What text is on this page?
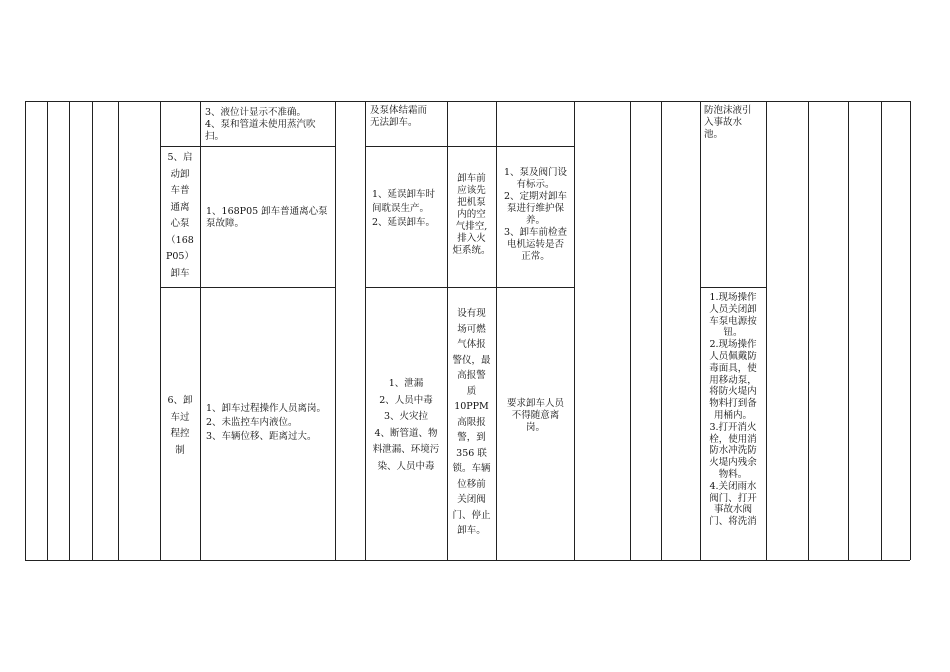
3、液位计显示不准确。
4、泵和管道未使用蒸汽吹扫。
及泵体结霜而
无法卸车。
防泡沫液引
入事故水
池。
5、启
动卸
车普
通离
心泵
（168
P05）
卸车
1、168P05 卸车普通离心泵
泵故障。
1、延误卸车时
间耽误生产。
2、延误卸车。
卸车前
应该先
把机泵
内的空
气排空,
排入火
炬系统。
1、泵及阀门设
有标示。
2、定期对卸车
泵进行维护保
养。
3、卸车前检查
电机运转是否
正常。
6、卸
车过
程控
制
1、卸车过程操作人员离岗。
2、未监控车内液位。
3、车辆位移、距离过大。
1、泄漏
2、人员中毒
3、火灾拉
4、断管道、物
料泄漏、环境污
染、人员中毒
设有现
场可燃
气体报
警仪，最
高报警
质 10PPM
高限报
警，到
356 联
锁。车辆
位移前
关闭阀
门、停止
卸车。
要求卸车人员
不得随意离
岗。
1.现场操作
人员关闭卸
车泵电源按
钮。
2.现场操作
人员佩戴防
毒面具，使
用移动泵，
将防火堤内
物料打到备
用桶内。
3.打开消火
栓，使用消
防水冲洗防
火堤内残余
物料。
4.关闭雨水
阀门、打开
事故水阀
门、将洗消
